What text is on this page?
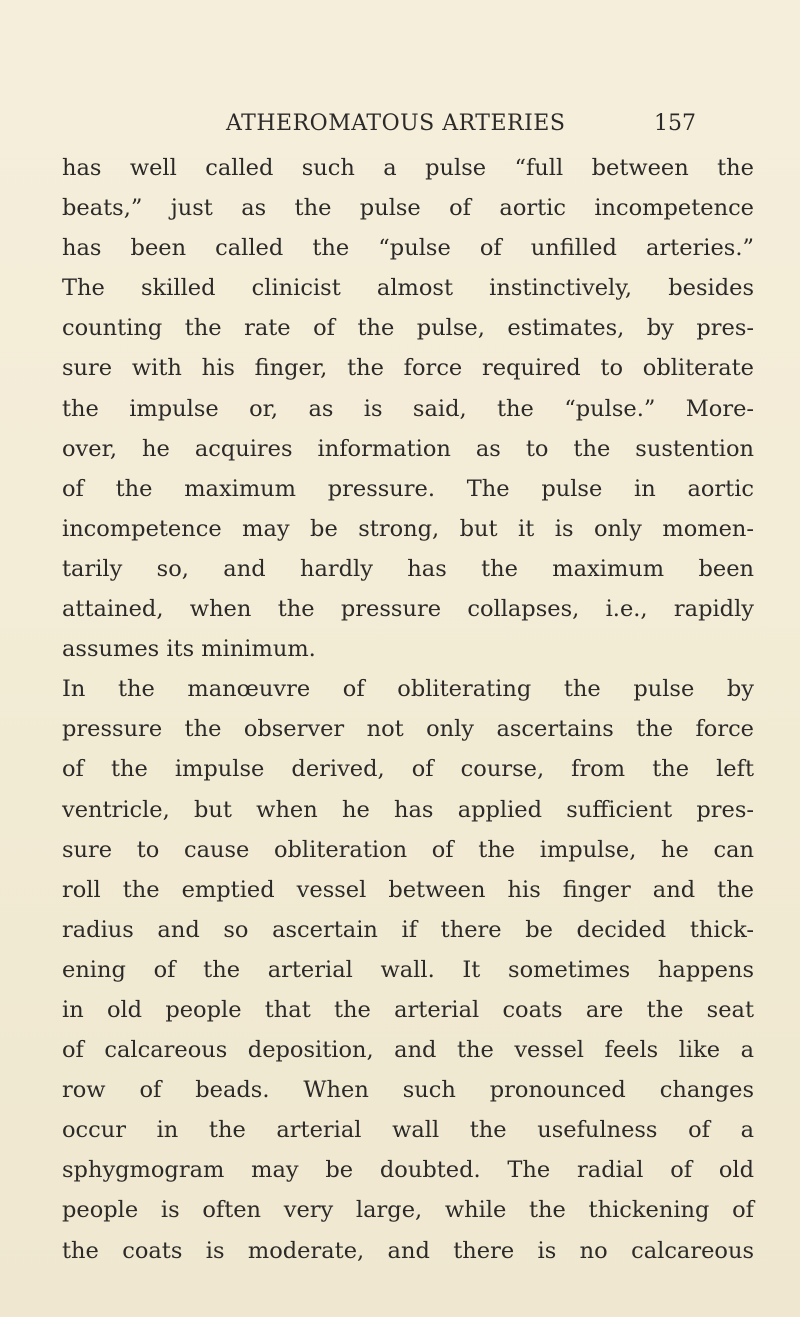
ATHEROMATOUS ARTERIES	157
has well called such a pulse “full between the
beats,” just as the pulse of aortic incompetence
has been called the “pulse of unfilled arteries.”
The skilled clinicist almost instinctively, besides
counting the rate of the pulse, estimates, by pres-
sure with his finger, the force required to obliterate
the impulse or, as is said, the “pulse.” More-
over, he acquires information as to the sustention
of the maximum pressure. The pulse in aortic
incompetence may be strong, but it is only momen-
tarily so, and hardly has the maximum been
attained, when the pressure collapses, i.e., rapidly
assumes its minimum.
In the manœuvre of obliterating the pulse by
pressure the observer not only ascertains the force
of the impulse derived, of course, from the left
ventricle, but when he has applied sufficient pres-
sure to cause obliteration of the impulse, he can
roll the emptied vessel between his finger and the
radius and so ascertain if there be decided thick-
ening of the arterial wall. It sometimes happens
in old people that the arterial coats are the seat
of calcareous deposition, and the vessel feels like a
row of beads. When such pronounced changes
occur in the arterial wall the usefulness of a
sphygmogram may be doubted. The radial of old
people is often very large, while the thickening of
the coats is moderate, and there is no calcareous
